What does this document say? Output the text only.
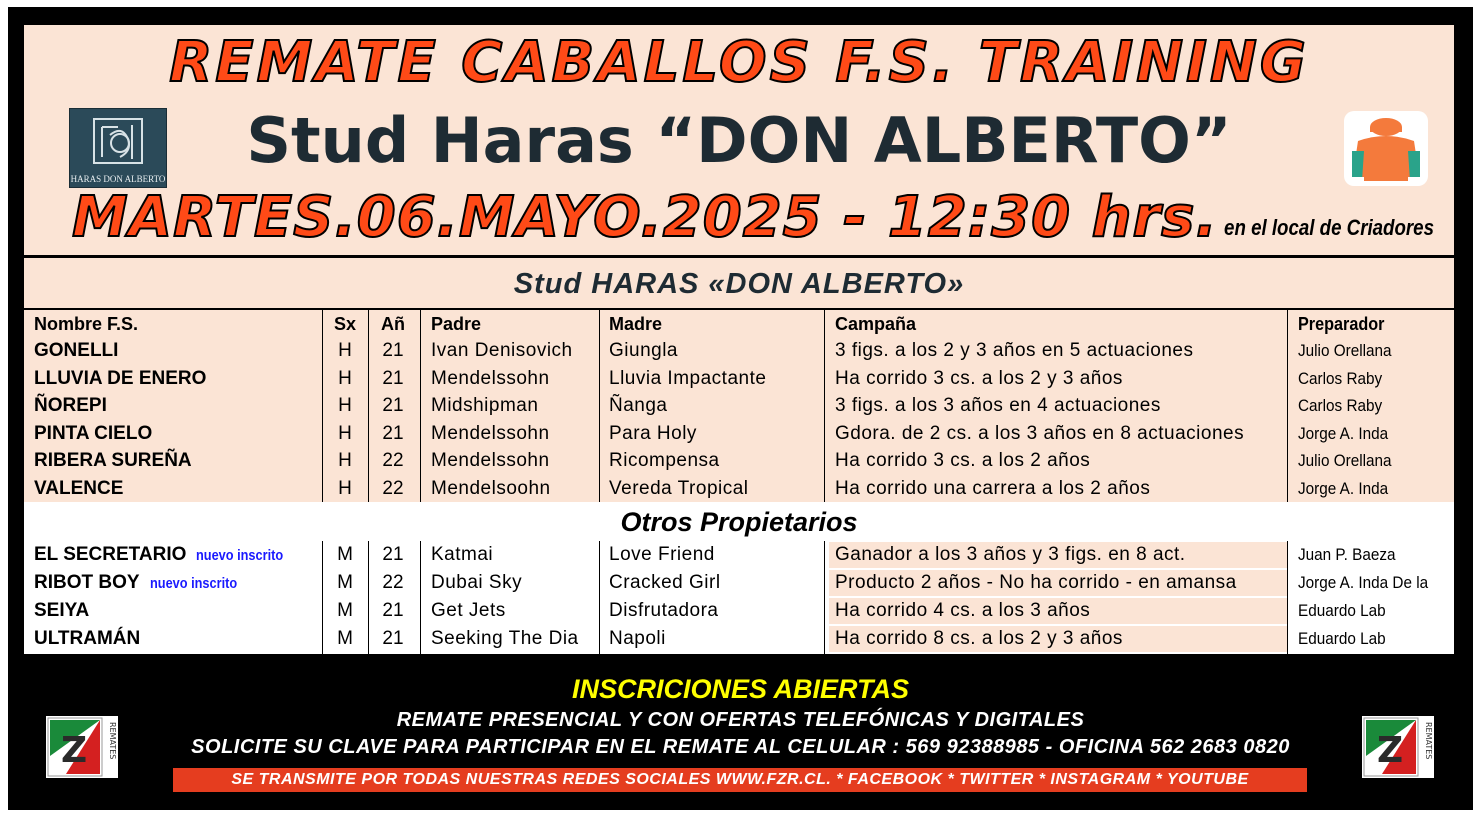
REMATE CABALLOS F.S. TRAINING
HARAS DON ALBERTO
Stud Haras “DON ALBERTO”
MARTES.06.MAYO.2025 - 12:30 hrs. en el local de Criadores
Stud HARAS «DON ALBERTO»
Nombre F.S.	Sx	Añ	Padre	Madre	Campaña	Preparador
GONELLI	H	21	Ivan Denisovich	Giungla	3 figs. a los 2 y 3 años en 5 actuaciones	Julio Orellana
LLUVIA DE ENERO	H	21	Mendelssohn	Lluvia Impactante	Ha corrido 3 cs. a los 2 y 3 años	Carlos Raby
ÑOREPI	H	21	Midshipman	Ñanga	3 figs. a los 3 años en 4 actuaciones	Carlos Raby
PINTA CIELO	H	21	Mendelssohn	Para Holy	Gdora. de 2 cs. a los 3 años en 8 actuaciones	Jorge A. Inda
RIBERA SUREÑA	H	22	Mendelssohn	Ricompensa	Ha corrido 3 cs. a los 2 años	Julio Orellana
VALENCE	H	22	Mendelsoohn	Vereda Tropical	Ha corrido una carrera a los 2 años	Jorge A. Inda
EL SECRETARIO nuevo inscrito	M	21	Katmai	Love Friend	Ganador a los 3 años y 3 figs. en 8 act.	Juan P. Baeza
RIBOT BOY nuevo inscrito	M	22	Dubai Sky	Cracked Girl	Producto 2 años - No ha corrido - en amansa	Jorge A. Inda De la
SEIYA	M	21	Get Jets	Disfrutadora	Ha corrido 4 cs. a los 3 años	Eduardo Lab
ULTRAMÁN	M	21	Seeking The Dia	Napoli	Ha corrido 8 cs. a los 2 y 3 años	Eduardo Lab
Otros Propietarios
INSCRICIONES ABIERTAS
REMATE PRESENCIAL Y CON OFERTAS TELEFÓNICAS Y DIGITALES
SOLICITE SU CLAVE PARA PARTICIPAR EN EL REMATE AL CELULAR : 569 92388985 - OFICINA 562 2683 0820
SE TRANSMITE POR TODAS NUESTRAS REDES SOCIALES WWW.FZR.CL. * FACEBOOK * TWITTER * INSTAGRAM * YOUTUBE
Z	REMATES	Z	REMATES
